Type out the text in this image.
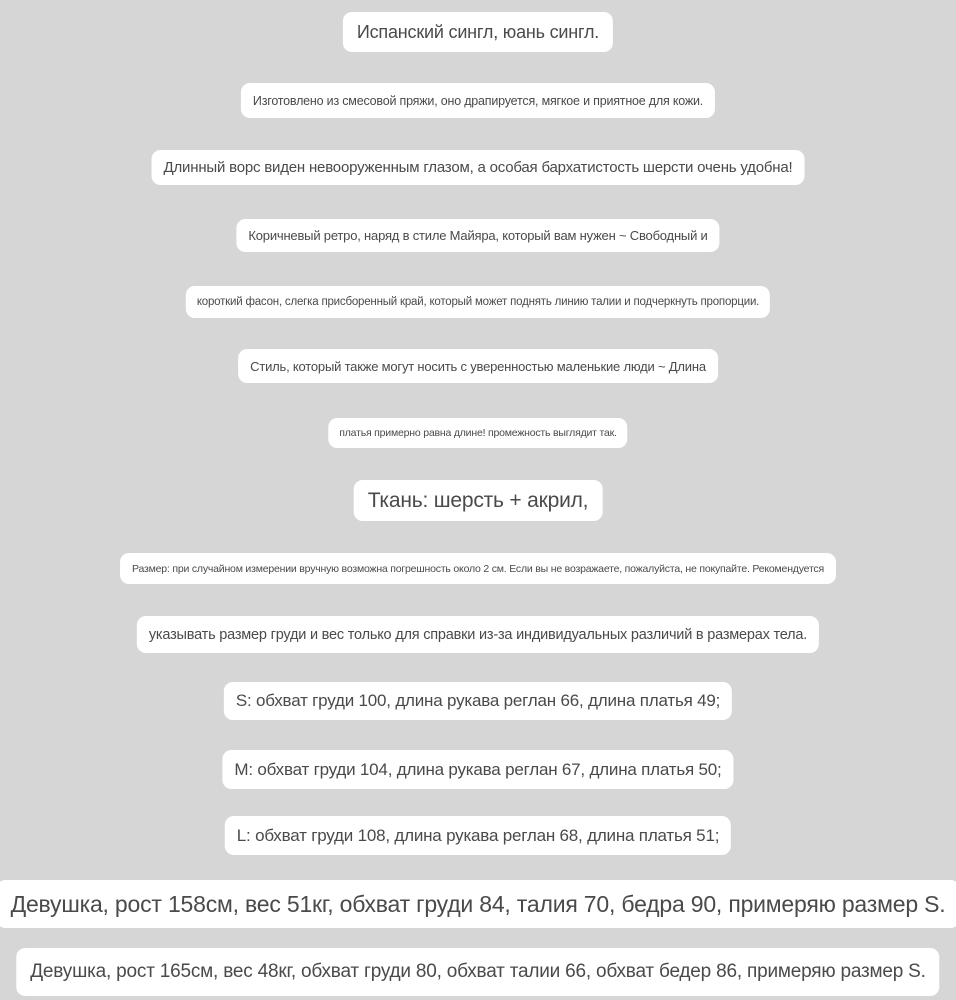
Испанский сингл, юань сингл.
Изготовлено из смесовой пряжи, оно драпируется, мягкое и приятное для кожи.
Длинный ворс виден невооруженным глазом, а особая бархатистость шерсти очень удобна!
Коричневый ретро, наряд в стиле Майяра, который вам нужен ~ Свободный и
короткий фасон, слегка присборенный край, который может поднять линию талии и подчеркнуть пропорции.
Стиль, который также могут носить с уверенностью маленькие люди ~ Длина
платья примерно равна длине! промежность выглядит так.
Ткань: шерсть + акрил,
Размер: при случайном измерении вручную возможна погрешность около 2 см. Если вы не возражаете, пожалуйста, не покупайте. Рекомендуется
указывать размер груди и вес только для справки из-за индивидуальных различий в размерах тела.
S: обхват груди 100, длина рукава реглан 66, длина платья 49;
M: обхват груди 104, длина рукава реглан 67, длина платья 50;
L: обхват груди 108, длина рукава реглан 68, длина платья 51;
Девушка, рост 158см, вес 51кг, обхват груди 84, талия 70, бедра 90, примеряю размер S.
Девушка, рост 165см, вес 48кг, обхват груди 80, обхват талии 66, обхват бедер 86, примеряю размер S.
